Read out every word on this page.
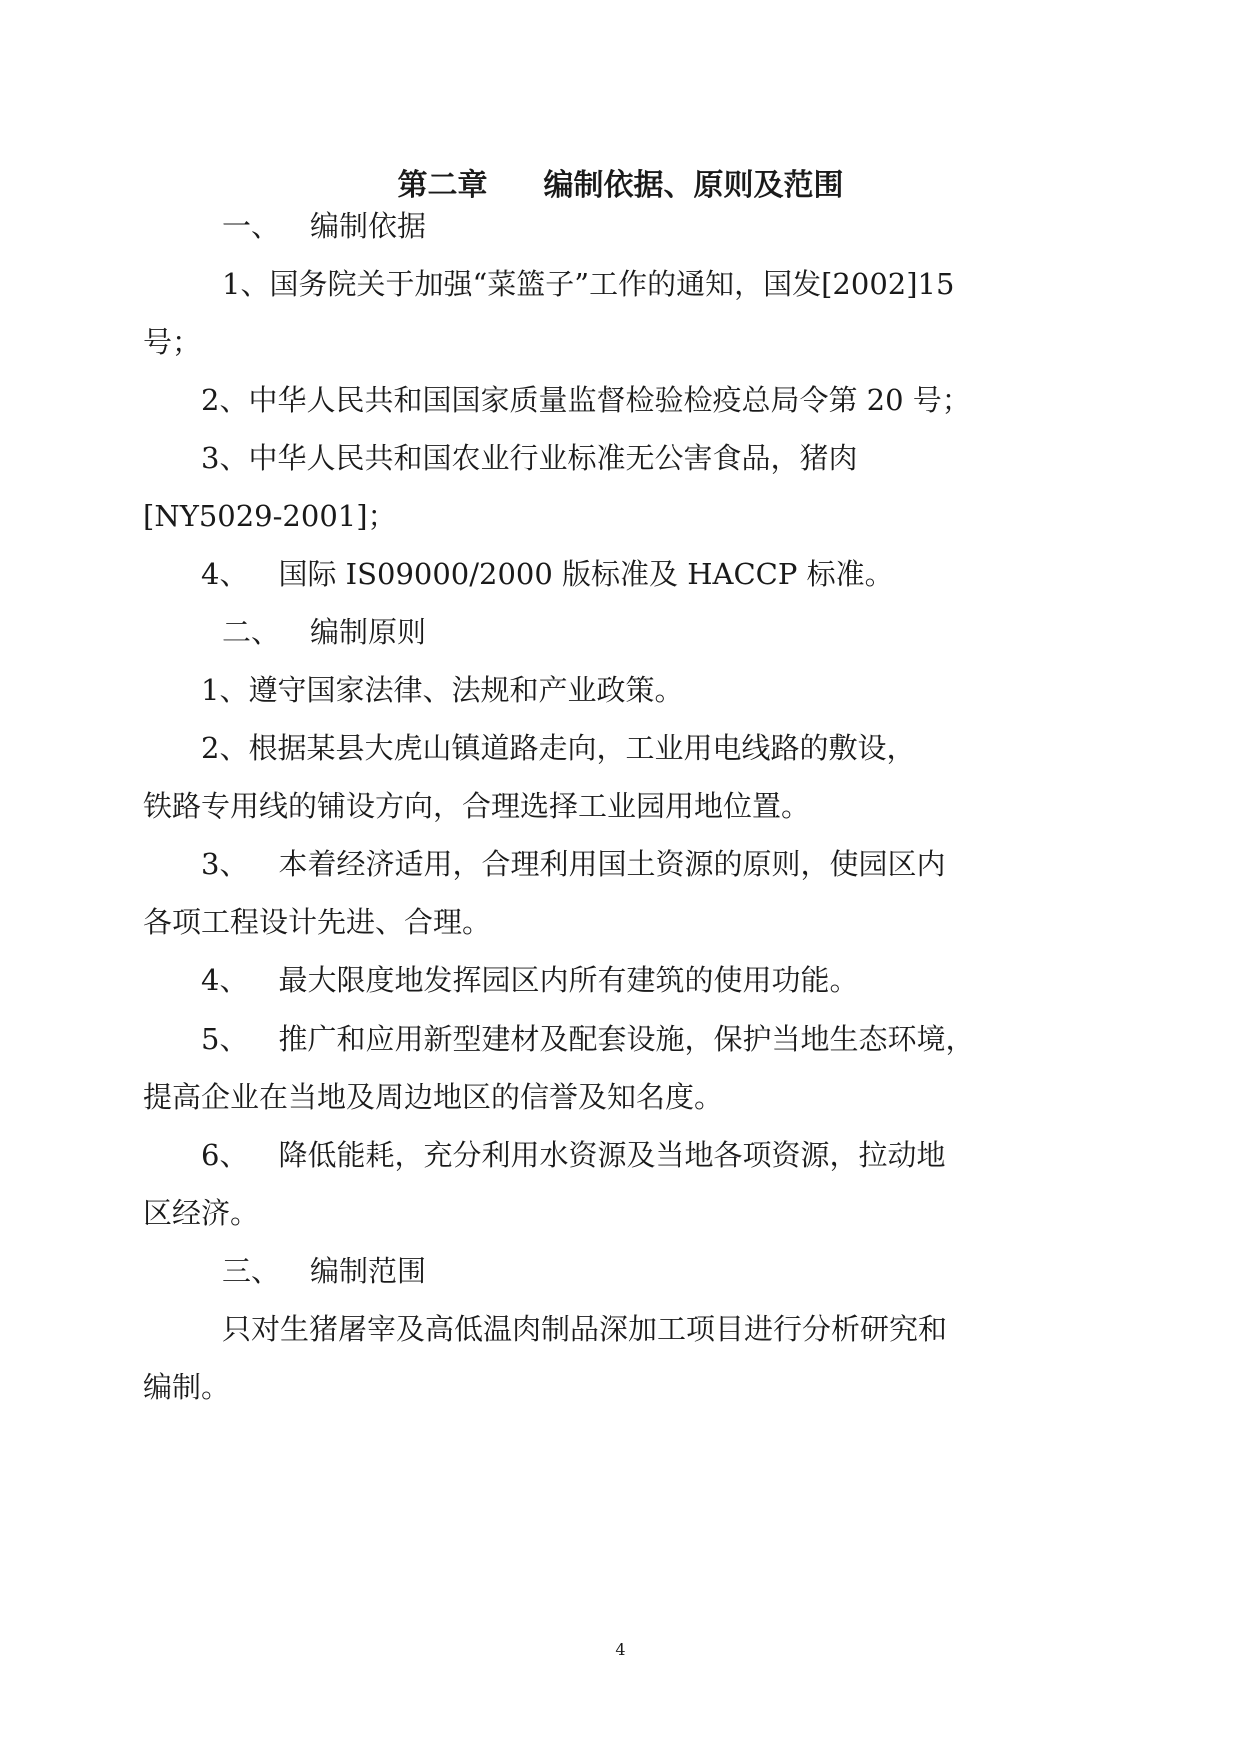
第二章 编制依据、原则及范围
一、 编制依据
1、国务院关于加强“菜篮子”工作的通知，国发[2002]15
号；
2、中华人民共和国国家质量监督检验检疫总局令第 20 号；
3、中华人民共和国农业行业标准无公害食品，猪肉
[NY5029-2001]；
4、 国际 IS09000/2000 版标准及 HACCP 标准。
二、 编制原则
1、遵守国家法律、法规和产业政策。
2、根据某县大虎山镇道路走向，工业用电线路的敷设，
铁路专用线的铺设方向，合理选择工业园用地位置。
3、 本着经济适用，合理利用国土资源的原则，使园区内
各项工程设计先进、合理。
4、 最大限度地发挥园区内所有建筑的使用功能。
5、 推广和应用新型建材及配套设施，保护当地生态环境，
提高企业在当地及周边地区的信誉及知名度。
6、 降低能耗，充分利用水资源及当地各项资源，拉动地
区经济。
三、 编制范围
只对生猪屠宰及高低温肉制品深加工项目进行分析研究和
编制。
4
